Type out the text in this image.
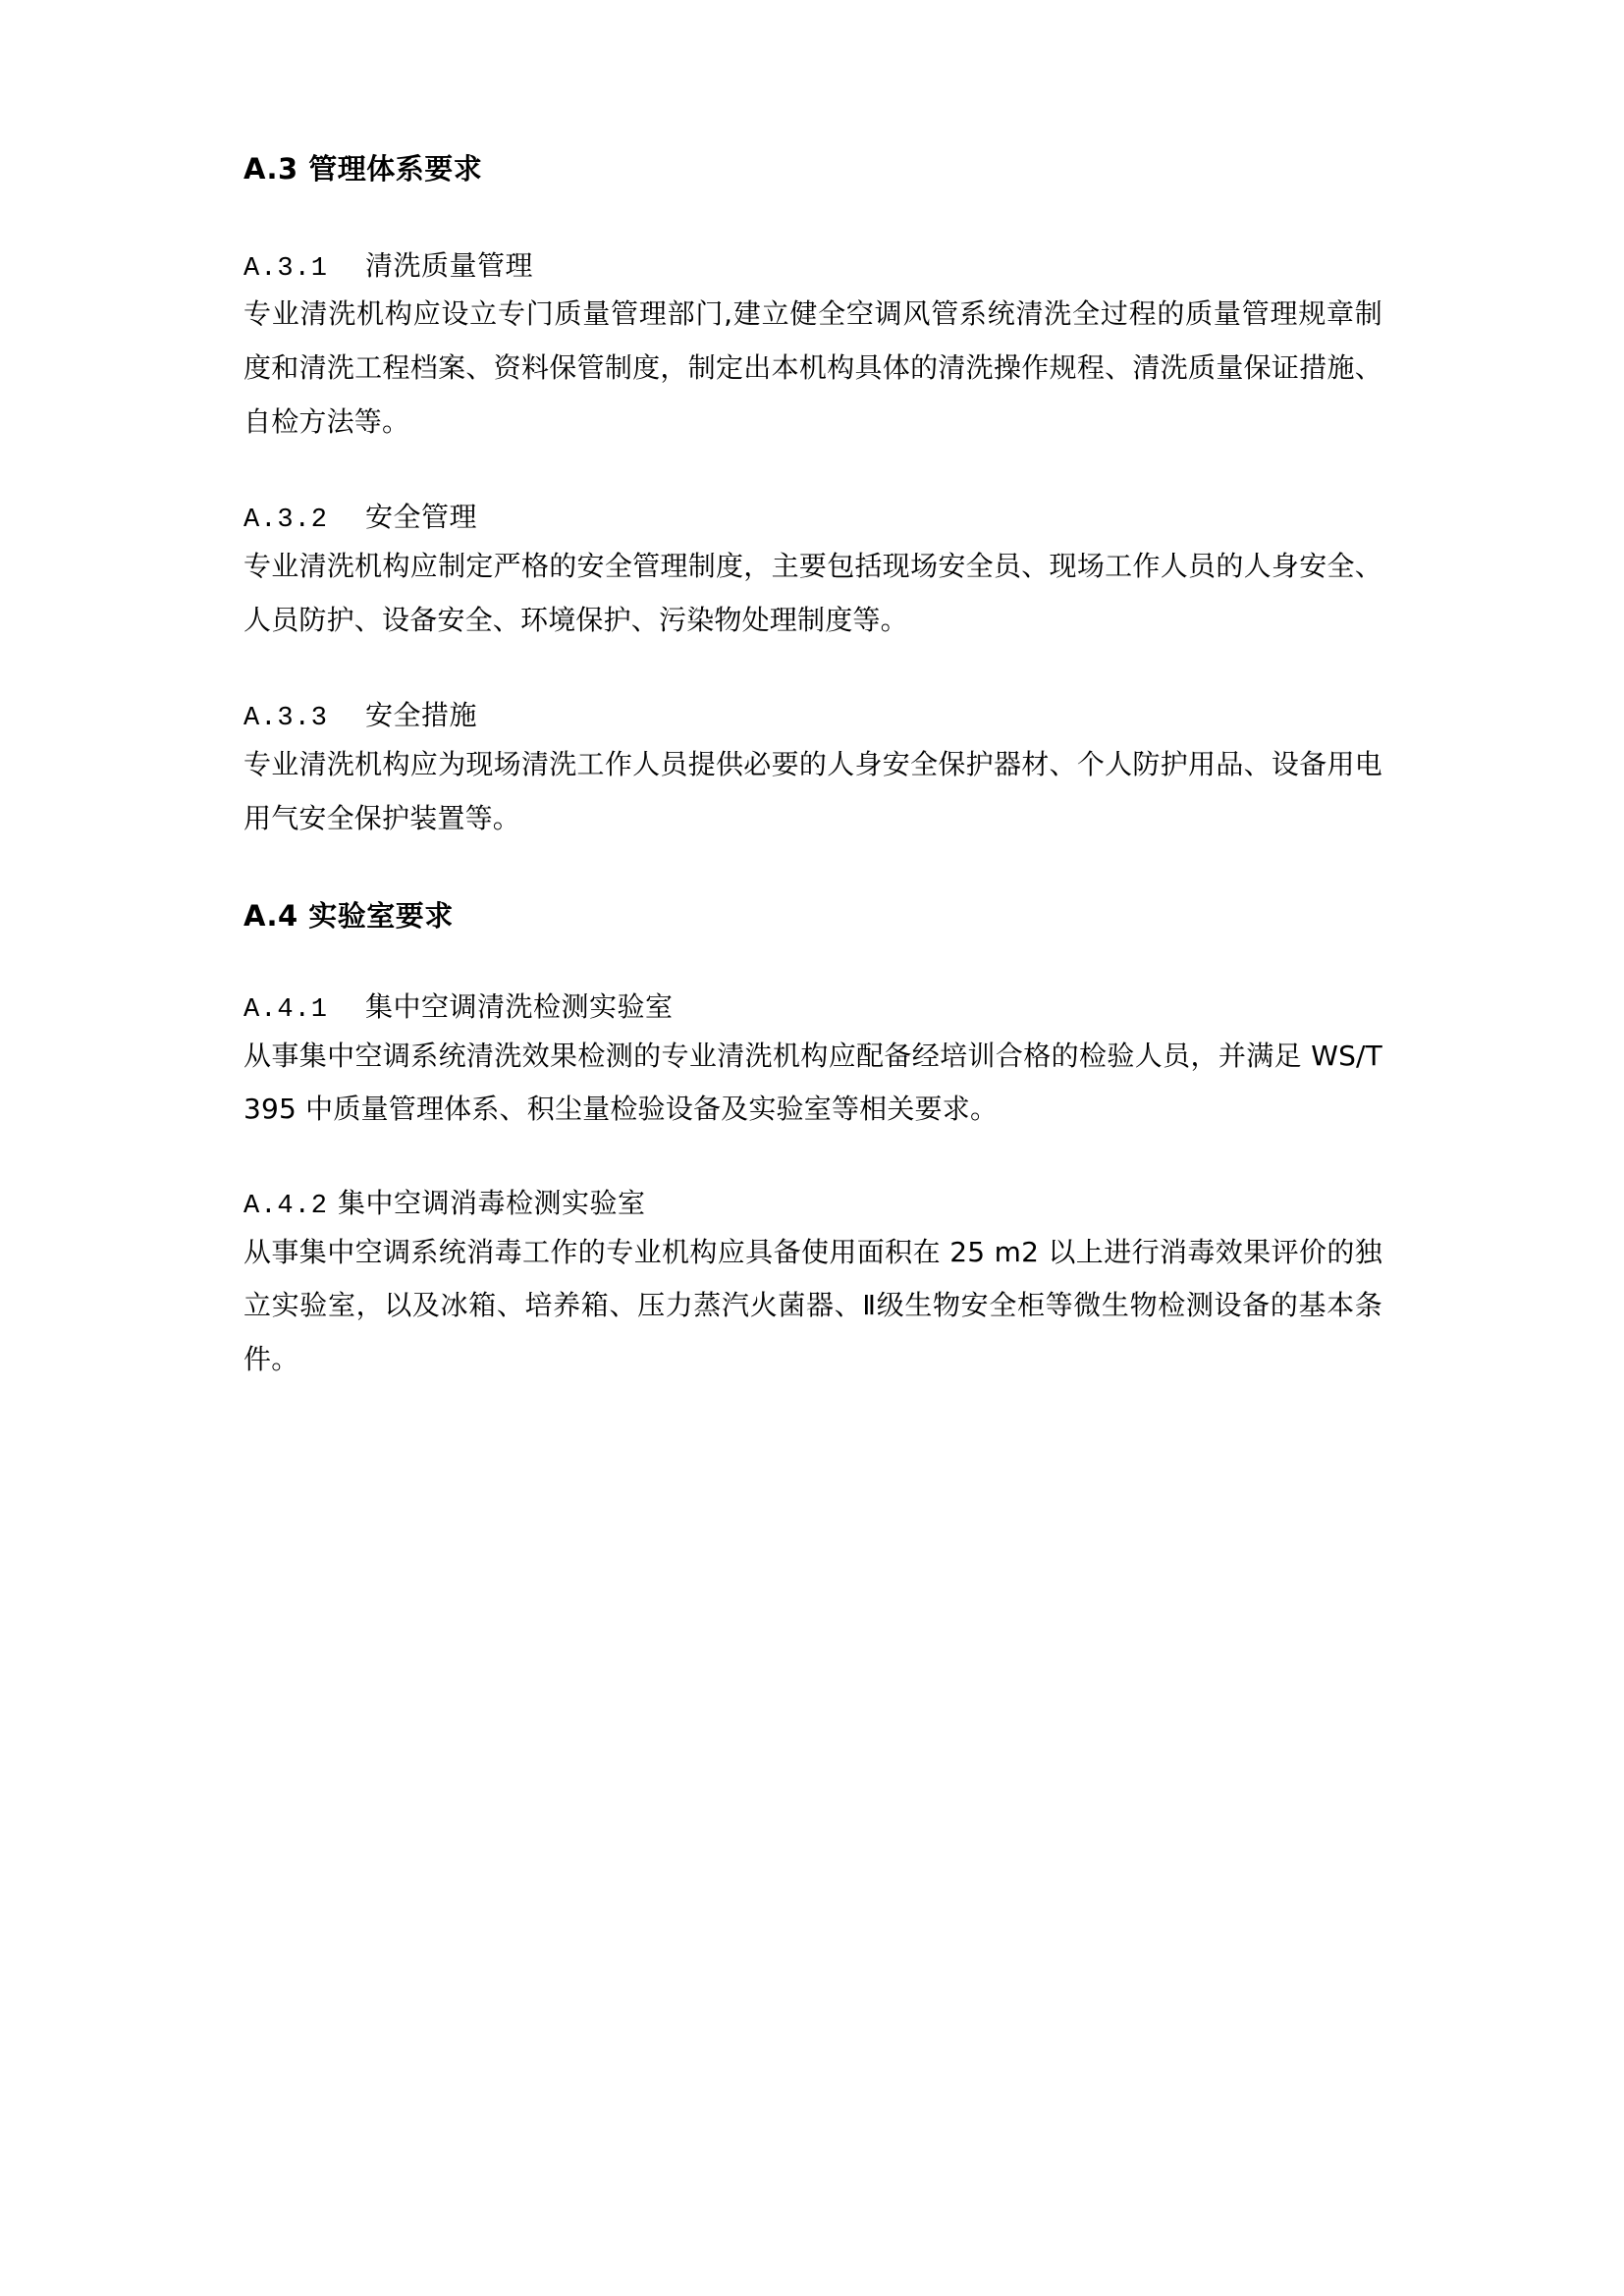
A.3 管理体系要求
A.3.1 清洗质量管理

专业清洗机构应设立专门质量管理部门,建立健全空调风管系统清洗全过程的质量管理规章制度和清洗工程档案、资料保管制度，制定出本机构具体的清洗操作规程、清洗质量保证措施、自检方法等。

A.3.2 安全管理

专业清洗机构应制定严格的安全管理制度，主要包括现场安全员、现场工作人员的人身安全、人员防护、设备安全、环境保护、污染物处理制度等。

A.3.3 安全措施

专业清洗机构应为现场清洗工作人员提供必要的人身安全保护器材、个人防护用品、设备用电用气安全保护装置等。

A.4 实验室要求
A.4.1 集中空调清洗检测实验室

从事集中空调系统清洗效果检测的专业清洗机构应配备经培训合格的检验人员，并满足 WS/T 395 中质量管理体系、积尘量检验设备及实验室等相关要求。

A.4.2 集中空调消毒检测实验室

从事集中空调系统消毒工作的专业机构应具备使用面积在 25 m2 以上进行消毒效果评价的独立实验室，以及冰箱、培养箱、压力蒸汽火菌器、Ⅱ级生物安全柜等微生物检测设备的基本条件。
